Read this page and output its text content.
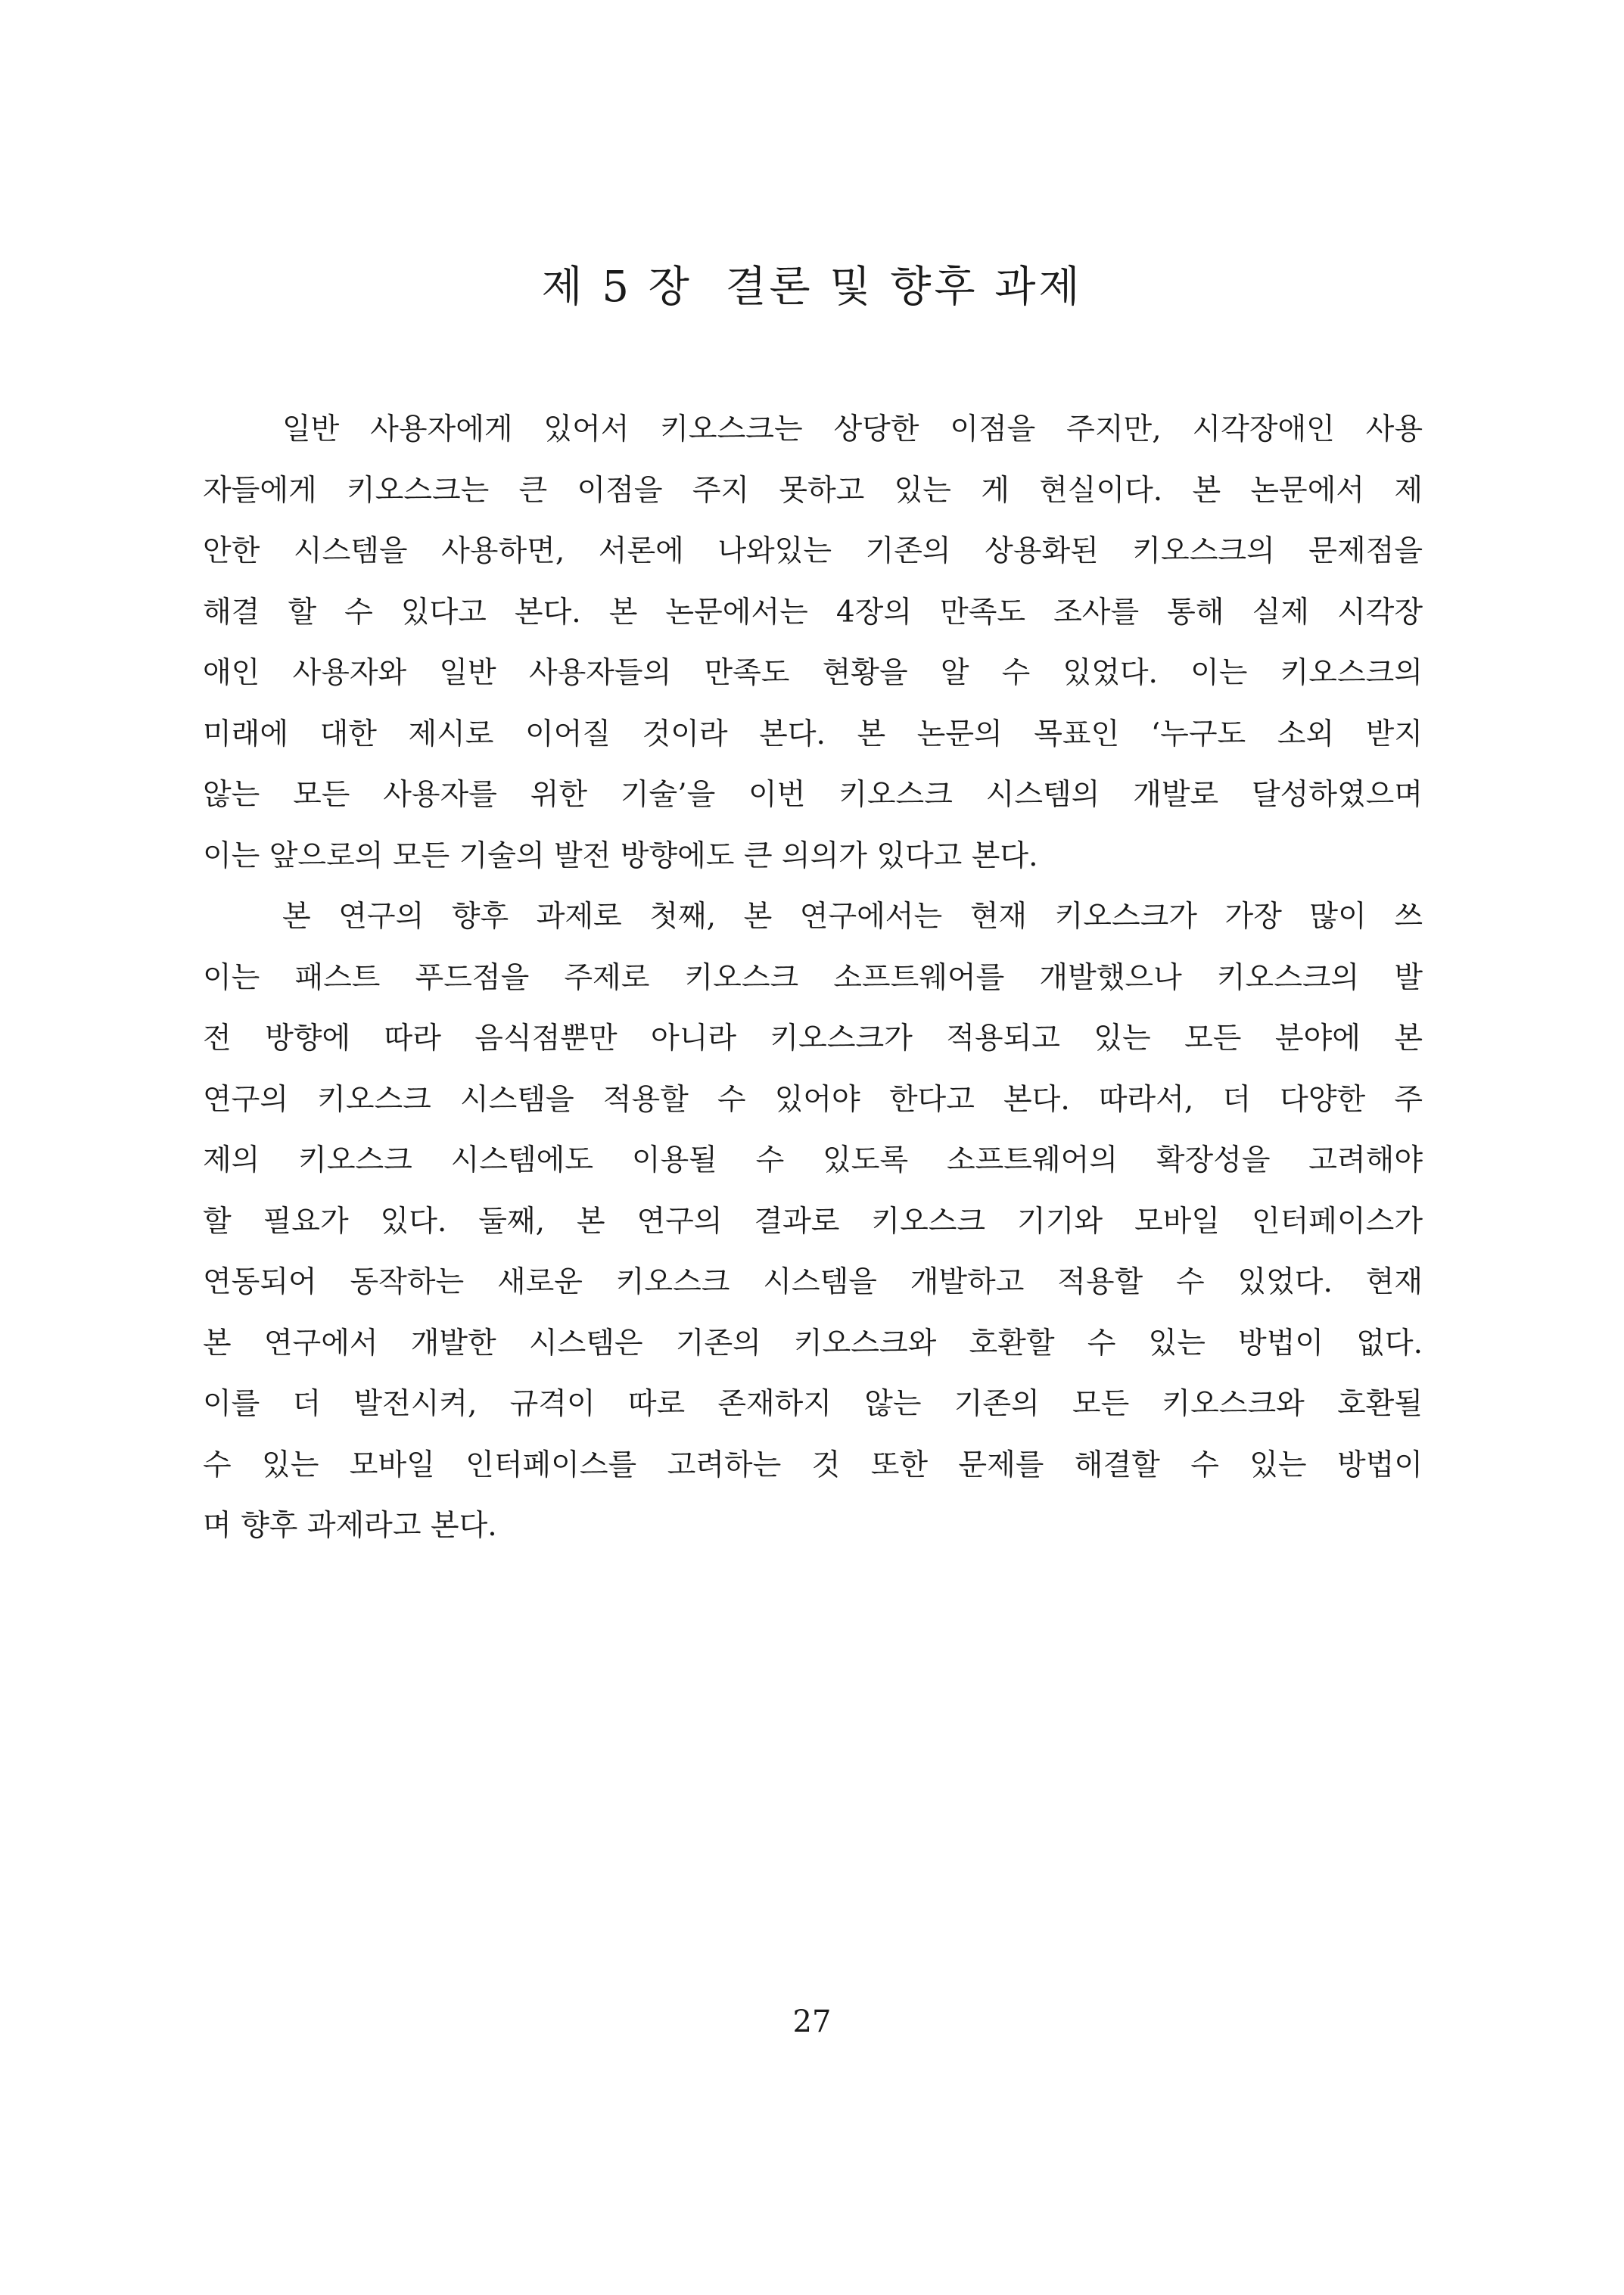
제 5 장  결론 및 향후 과제
일반 사용자에게 있어서 키오스크는 상당한 이점을 주지만, 시각장애인 사용
자들에게 키오스크는 큰 이점을 주지 못하고 있는 게 현실이다. 본 논문에서 제
안한 시스템을 사용하면, 서론에 나와있는 기존의 상용화된 키오스크의 문제점을
해결 할 수 있다고 본다. 본 논문에서는 4장의 만족도 조사를 통해 실제 시각장
애인 사용자와 일반 사용자들의 만족도 현황을 알 수 있었다. 이는 키오스크의
미래에 대한 제시로 이어질 것이라 본다. 본 논문의 목표인 ‘누구도 소외 받지
않는 모든 사용자를 위한 기술’을 이번 키오스크 시스템의 개발로 달성하였으며
이는 앞으로의 모든 기술의 발전 방향에도 큰 의의가 있다고 본다.
본 연구의 향후 과제로 첫째, 본 연구에서는 현재 키오스크가 가장 많이 쓰
이는 패스트 푸드점을 주제로 키오스크 소프트웨어를 개발했으나 키오스크의 발
전 방향에 따라 음식점뿐만 아니라 키오스크가 적용되고 있는 모든 분야에 본
연구의 키오스크 시스템을 적용할 수 있어야 한다고 본다. 따라서, 더 다양한 주
제의 키오스크 시스템에도 이용될 수 있도록 소프트웨어의 확장성을 고려해야
할 필요가 있다. 둘째, 본 연구의 결과로 키오스크 기기와 모바일 인터페이스가
연동되어 동작하는 새로운 키오스크 시스템을 개발하고 적용할 수 있었다. 현재
본 연구에서 개발한 시스템은 기존의 키오스크와 호환할 수 있는 방법이 없다.
이를 더 발전시켜, 규격이 따로 존재하지 않는 기존의 모든 키오스크와 호환될
수 있는 모바일 인터페이스를 고려하는 것 또한 문제를 해결할 수 있는 방법이
며 향후 과제라고 본다.

27
